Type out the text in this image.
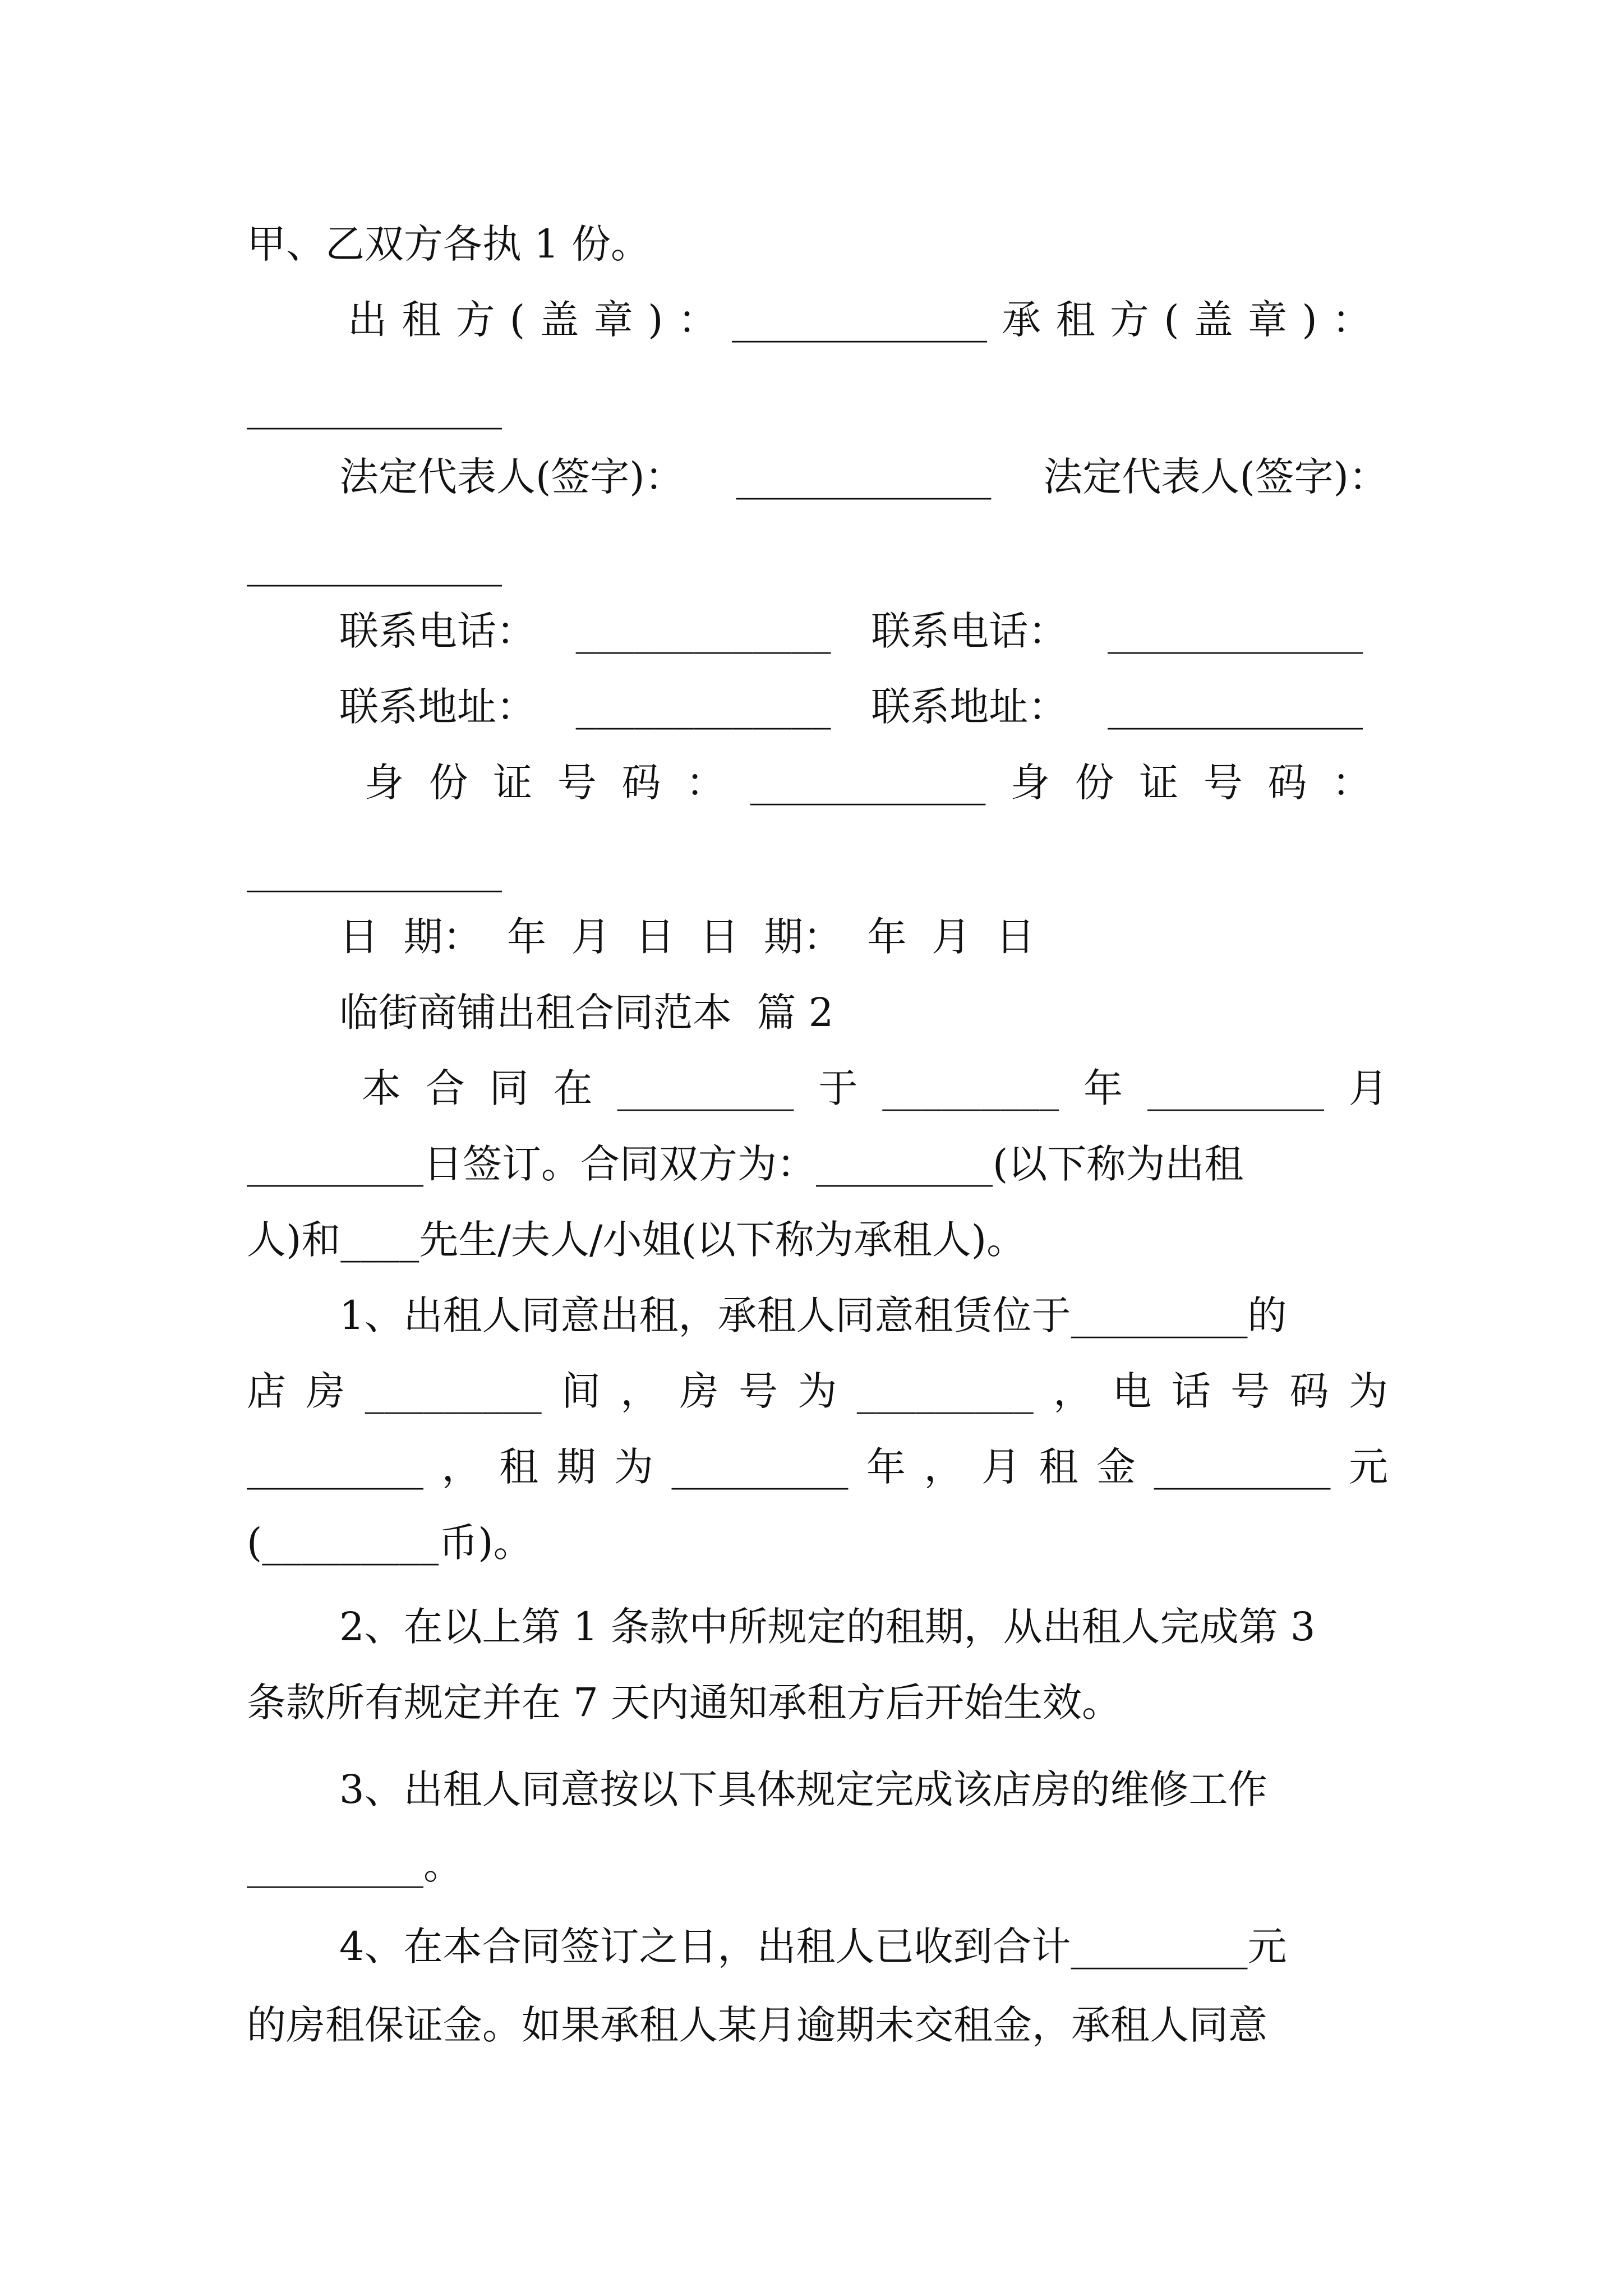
甲、乙双方各执 1 份。
出 租 方 ( 盖 章 ) ： _____________ 承 租 方 ( 盖 章 ) ：
_____________
法定代表人(签字)： _____________ 法定代表人(签字)：
_____________
联系电话： _____________ 联系电话： _____________
联系地址： _____________ 联系地址： _____________
身 份 证 号 码 ： ____________ 身 份 证 号 码 ：
_____________
日  期：  年  月  日  日  期：  年  月  日
临街商铺出租合同范本  篇 2
本 合 同 在 _________ 于 _________ 年 _________ 月
_________日签订。合同双方为：_________(以下称为出租
人)和____先生/夫人/小姐(以下称为承租人)。
1、出租人同意出租，承租人同意租赁位于_________的
店 房 _________ 间 ， 房 号 为 _________ ， 电 话 号 码 为
_________ ， 租 期 为 _________ 年 ， 月 租 金 _________ 元
(_________币)。
2、在以上第 1 条款中所规定的租期，从出租人完成第 3
条款所有规定并在 7 天内通知承租方后开始生效。
3、出租人同意按以下具体规定完成该店房的维修工作
_________。
4、在本合同签订之日，出租人已收到合计_________元
的房租保证金。如果承租人某月逾期未交租金，承租人同意
